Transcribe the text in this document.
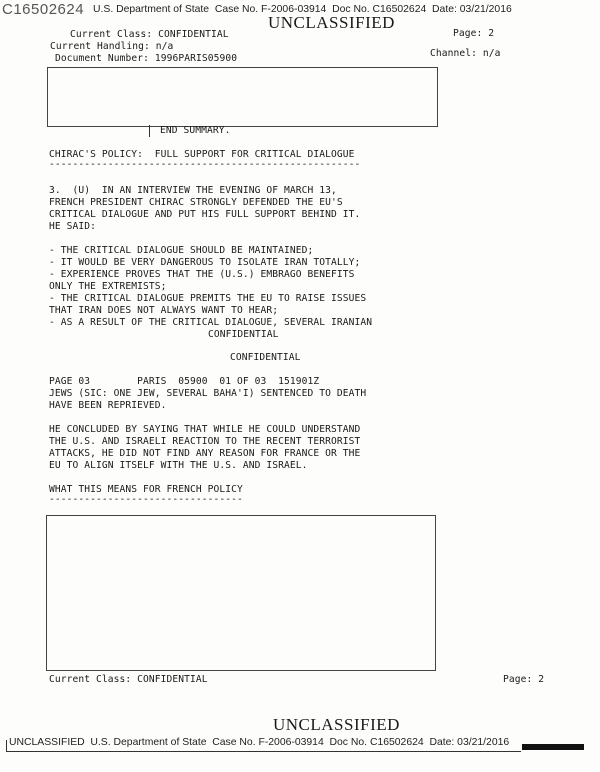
C16502624 U.S. Department of State  Case No. F-2006-03914  Doc No. C16502624  Date: 03/21/2016
UNCLASSIFIED
Current Class: CONFIDENTIAL
Current Handling: n/a
Document Number: 1996PARIS05900
Page: 2
Channel: n/a
END SUMMARY.
CHIRAC'S POLICY:  FULL SUPPORT FOR CRITICAL DIALOGUE
-----------------------------------------------------
3.  (U)  IN AN INTERVIEW THE EVENING OF MARCH 13,
FRENCH PRESIDENT CHIRAC STRONGLY DEFENDED THE EU'S
CRITICAL DIALOGUE AND PUT HIS FULL SUPPORT BEHIND IT.
HE SAID:
- THE CRITICAL DIALOGUE SHOULD BE MAINTAINED;
- IT WOULD BE VERY DANGEROUS TO ISOLATE IRAN TOTALLY;
- EXPERIENCE PROVES THAT THE (U.S.) EMBRAGO BENEFITS
ONLY THE EXTREMISTS;
- THE CRITICAL DIALOGUE PREMITS THE EU TO RAISE ISSUES
THAT IRAN DOES NOT ALWAYS WANT TO HEAR;
- AS A RESULT OF THE CRITICAL DIALOGUE, SEVERAL IRANIAN
CONFIDENTIAL
CONFIDENTIAL
PAGE 03        PARIS  05900  01 OF 03  151901Z
JEWS (SIC: ONE JEW, SEVERAL BAHA'I) SENTENCED TO DEATH
HAVE BEEN REPRIEVED.
HE CONCLUDED BY SAYING THAT WHILE HE COULD UNDERSTAND
THE U.S. AND ISRAELI REACTION TO THE RECENT TERRORIST
ATTACKS, HE DID NOT FIND ANY REASON FOR FRANCE OR THE
EU TO ALIGN ITSELF WITH THE U.S. AND ISRAEL.
WHAT THIS MEANS FOR FRENCH POLICY
---------------------------------
Current Class: CONFIDENTIAL	Page: 2
UNCLASSIFIED
UNCLASSIFIED  U.S. Department of State  Case No. F-2006-03914  Doc No. C16502624  Date: 03/21/2016
